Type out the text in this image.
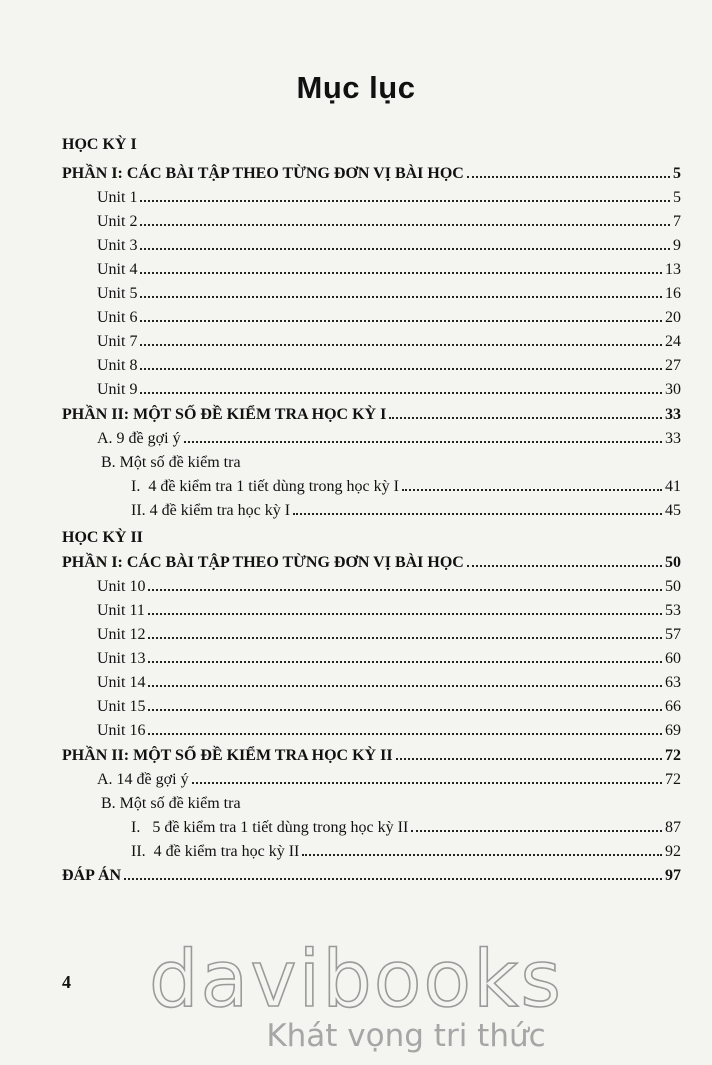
Mục lục
HỌC KỲ I
PHẦN I: CÁC BÀI TẬP THEO TỪNG ĐƠN VỊ BÀI HỌC	5
Unit 1	5
Unit 2	7
Unit 3	9
Unit 4	13
Unit 5	16
Unit 6	20
Unit 7	24
Unit 8	27
Unit 9	30
PHẦN II: MỘT SỐ ĐỀ KIỂM TRA HỌC KỲ I	33
A. 9 đề gợi ý	33
B. Một số đề kiểm tra
I.  4 đề kiểm tra 1 tiết dùng trong học kỳ I	41
II. 4 đề kiểm tra học kỳ I	45
HỌC KỲ II
PHẦN I: CÁC BÀI TẬP THEO TỪNG ĐƠN VỊ BÀI HỌC	50
Unit 10	50
Unit 11	53
Unit 12	57
Unit 13	60
Unit 14	63
Unit 15	66
Unit 16	69
PHẦN II: MỘT SỐ ĐỀ KIỂM TRA HỌC KỲ II	72
A. 14 đề gợi ý	72
B. Một số đề kiểm tra
I.   5 đề kiểm tra 1 tiết dùng trong học kỳ II	87
II.  4 đề kiểm tra học kỳ II	92
ĐÁP ÁN	97
4	davibooks
Khát vọng tri thức
